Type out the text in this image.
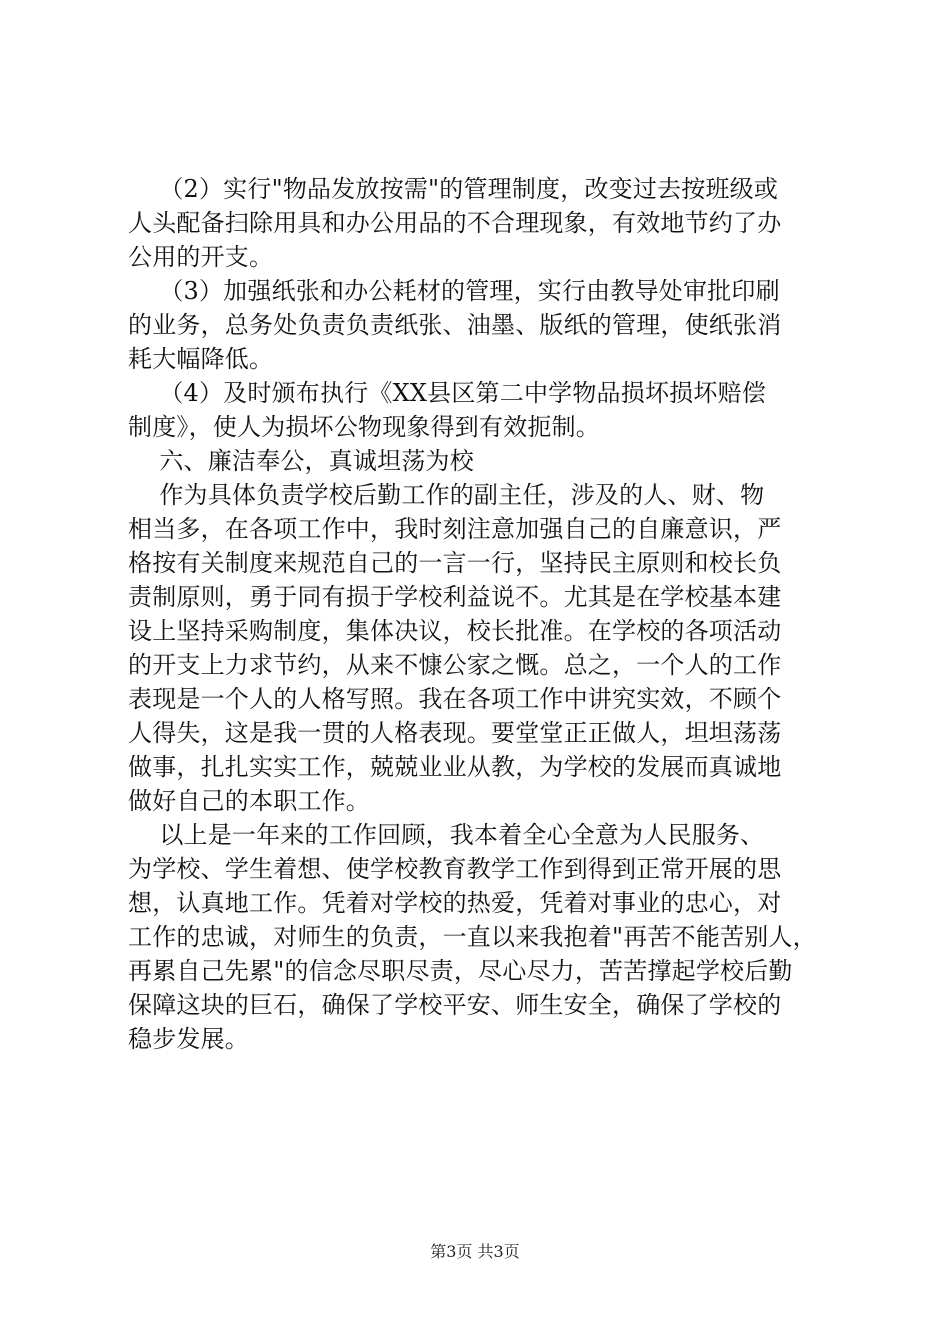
（2）实行"物品发放按需"的管理制度，改变过去按班级或
人头配备扫除用具和办公用品的不合理现象，有效地节约了办
公用的开支。
（3）加强纸张和办公耗材的管理，实行由教导处审批印刷
的业务，总务处负责负责纸张、油墨、版纸的管理，使纸张消
耗大幅降低。
（4）及时颁布执行《XX县区第二中学物品损坏损坏赔偿
制度》，使人为损坏公物现象得到有效扼制。
六、廉洁奉公，真诚坦荡为校
作为具体负责学校后勤工作的副主任，涉及的人、财、物
相当多，在各项工作中，我时刻注意加强自己的自廉意识，严
格按有关制度来规范自己的一言一行，坚持民主原则和校长负
责制原则，勇于同有损于学校利益说不。尤其是在学校基本建
设上坚持采购制度，集体决议，校长批准。在学校的各项活动
的开支上力求节约，从来不慷公家之慨。总之，一个人的工作
表现是一个人的人格写照。我在各项工作中讲究实效，不顾个
人得失，这是我一贯的人格表现。要堂堂正正做人，坦坦荡荡
做事，扎扎实实工作，兢兢业业从教，为学校的发展而真诚地
做好自己的本职工作。
以上是一年来的工作回顾，我本着全心全意为人民服务、
为学校、学生着想、使学校教育教学工作到得到正常开展的思
想，认真地工作。凭着对学校的热爱，凭着对事业的忠心，对
工作的忠诚，对师生的负责，一直以来我抱着"再苦不能苦别人，
再累自己先累"的信念尽职尽责，尽心尽力，苦苦撑起学校后勤
保障这块的巨石，确保了学校平安、师生安全，确保了学校的
稳步发展。
第3页 共3页
